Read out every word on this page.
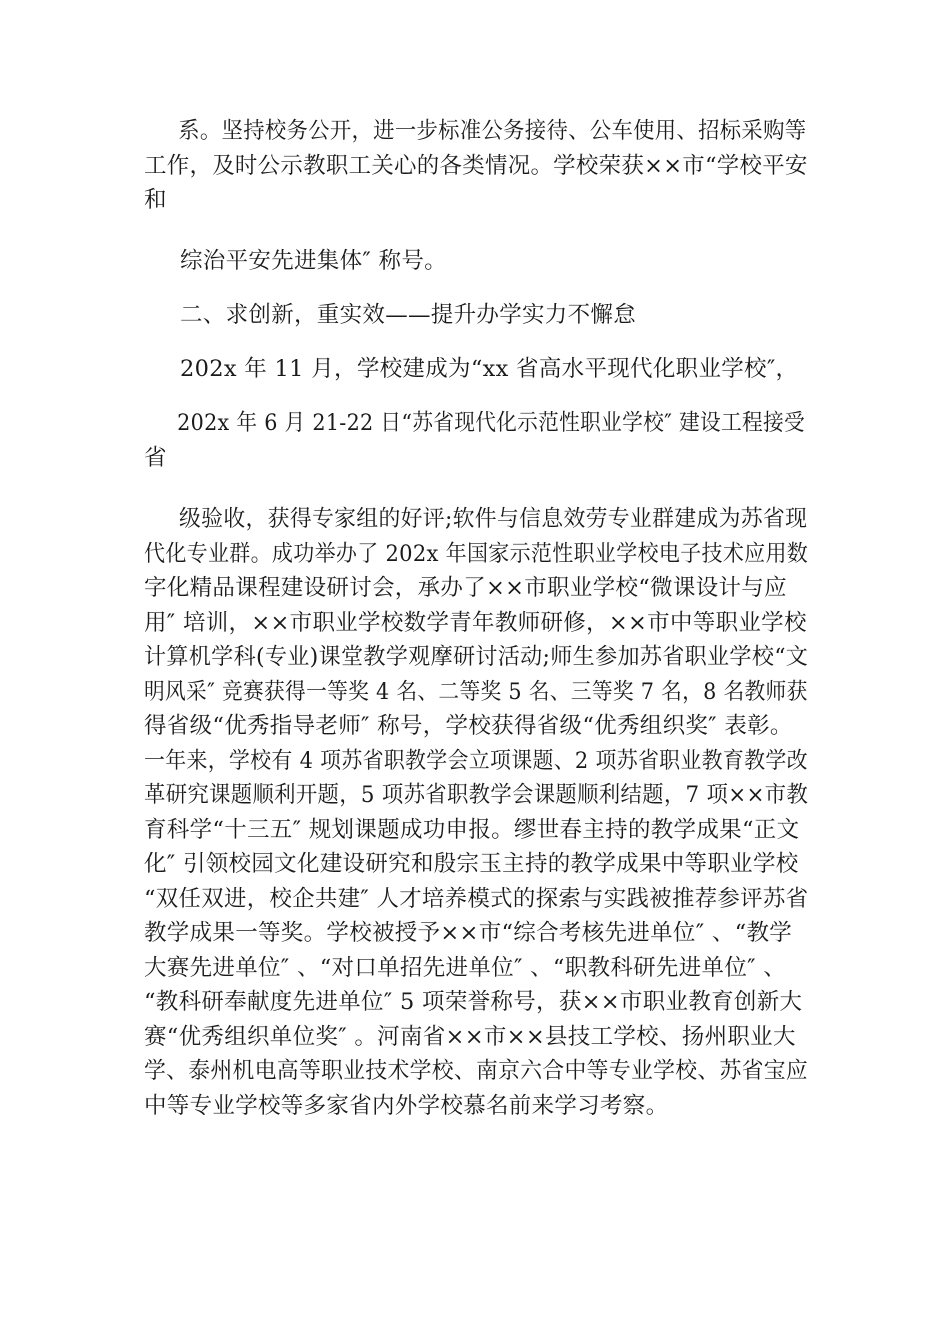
系。坚持校务公开，进一步标准公务接待、公车使用、招标采购等
工作，及时公示教职工关心的各类情况。学校荣获××市“学校平安
和
综治平安先进集体″ 称号。
二、求创新，重实效——提升办学实力不懈怠
202x 年 11 月，学校建成为“xx 省高水平现代化职业学校″，
202x 年 6 月 21-22 日“苏省现代化示范性职业学校″ 建设工程接受
省
级验收，获得专家组的好评;软件与信息效劳专业群建成为苏省现
代化专业群。成功举办了 202x 年国家示范性职业学校电子技术应用数
字化精品课程建设研讨会，承办了××市职业学校“微课设计与应
用″ 培训，××市职业学校数学青年教师研修，××市中等职业学校
计算机学科(专业)课堂教学观摩研讨活动;师生参加苏省职业学校“文
明风采″ 竞赛获得一等奖 4 名、二等奖 5 名、三等奖 7 名，8 名教师获
得省级“优秀指导老师″ 称号，学校获得省级“优秀组织奖″ 表彰。
一年来，学校有 4 项苏省职教学会立项课题、2 项苏省职业教育教学改
革研究课题顺利开题，5 项苏省职教学会课题顺利结题，7 项××市教
育科学“十三五″ 规划课题成功申报。缪世春主持的教学成果“正文
化″ 引领校园文化建设研究和殷宗玉主持的教学成果中等职业学校
“双任双进，校企共建″ 人才培养模式的探索与实践被推荐参评苏省
教学成果一等奖。学校被授予××市“综合考核先进单位″ 、“教学
大赛先进单位″ 、“对口单招先进单位″ 、“职教科研先进单位″ 、
“教科研奉献度先进单位″ 5 项荣誉称号，获××市职业教育创新大
赛“优秀组织单位奖″ 。河南省××市××县技工学校、扬州职业大
学、泰州机电高等职业技术学校、南京六合中等专业学校、苏省宝应
中等专业学校等多家省内外学校慕名前来学习考察。
